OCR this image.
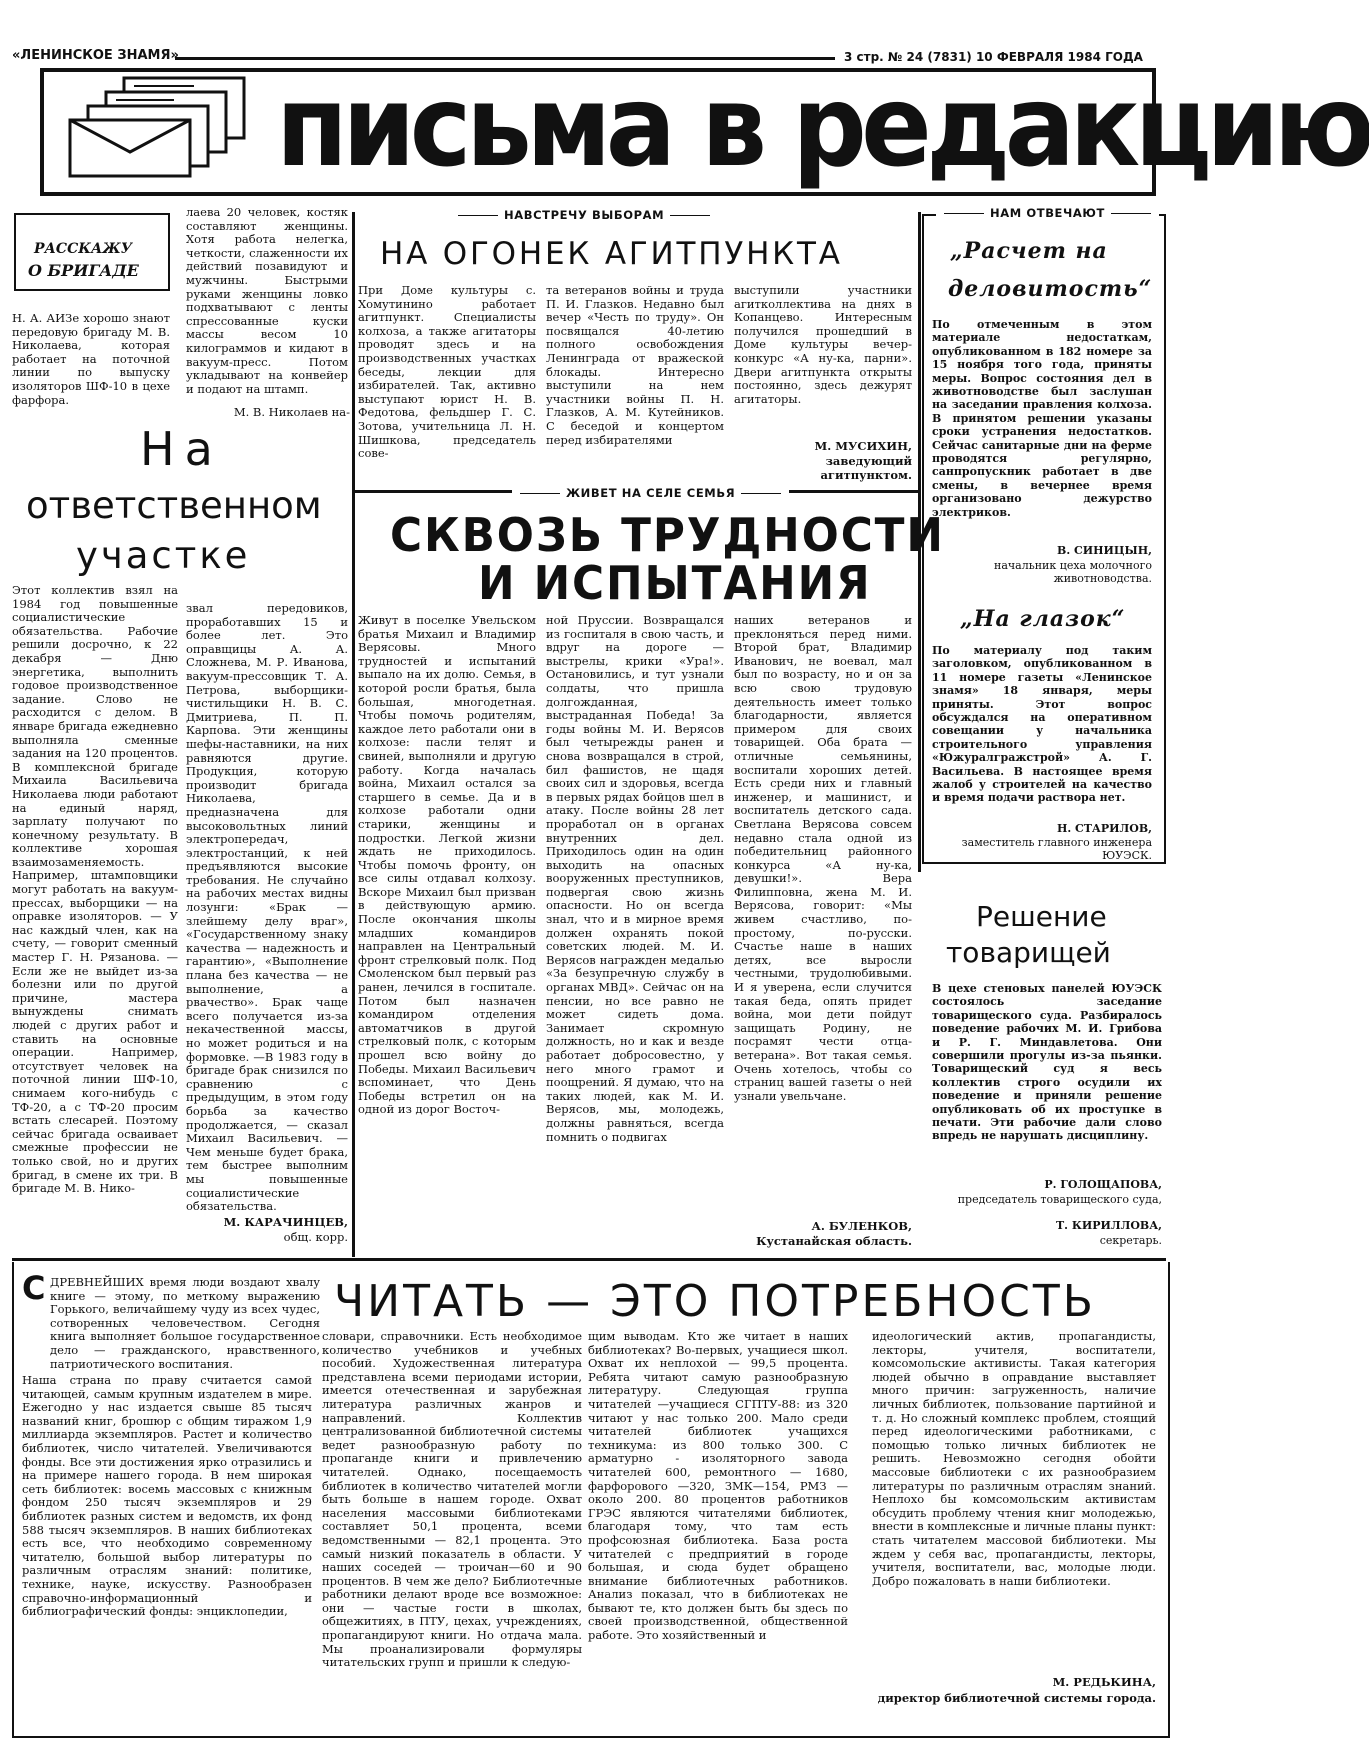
«ЛЕНИНСКОЕ ЗНАМЯ»	3 стр. № 24 (7831) 10 ФЕВРАЛЯ 1984 ГОДА
письма в редакцию
РАССКАЖУ
О БРИГАДЕ
Н. А. АИЗе хорошо знают передовую бригаду М. В. Николаева, которая работает на поточной линии по выпуску изоляторов ШФ-10 в цехе фарфора.
лаева 20 человек, костяк составляют женщины. Хотя работа нелегка, четкости, слаженности их действий позавидуют и мужчины. Быстрыми руками женщины ловко подхватывают с ленты спрессованные куски массы весом 10 килограммов и кидают в вакуум-пресс. Потом укладывают на конвейер и подают на штамп.
М. В. Николаев на-
На
ответственном
участке
Этот коллектив взял на 1984 год повышенные социалистические обязательства. Рабочие решили досрочно, к 22 декабря — Дню энергетика, выполнить годовое производственное задание. Слово не расходится с делом. В январе бригада ежедневно выполняла сменные задания на 120 процентов. В комплексной бригаде Михаила Васильевича Николаева люди работают на единый наряд, зарплату получают по конечному результату. В коллективе хорошая взаимозаменяемость. Например, штамповщики могут работать на вакуум-прессах, выборщики — на оправке изоляторов. — У нас каждый член, как на счету, — говорит сменный мастер Г. Н. Рязанова. — Если же не выйдет из-за болезни или по другой причине, мастера вынуждены снимать людей с других работ и ставить на основные операции. Например, отсутствует человек на поточной линии ШФ-10, снимаем кого-нибудь с ТФ-20, а с ТФ-20 просим встать слесарей. Поэтому сейчас бригада осваивает смежные профессии не только свой, но и других бригад, в смене их три. В бригаде М. В. Нико-
звал передовиков, проработавших 15 и более лет. Это оправщицы А. А. Сложнева, М. Р. Иванова, вакуум-прессовщик Т. А. Петрова, выборщики-чистильщики Н. В. С. Дмитриева, П. П. Карпова. Эти женщины шефы-наставники, на них равняются другие. Продукция, которую производит бригада Николаева, предназначена для высоковольтных линий электропередач, электростанций, к ней предъявляются высокие требования. Не случайно на рабочих местах видны лозунги: «Брак — злейшему делу враг», «Государственному знаку качества — надежность и гарантию», «Выполнение плана без качества — не выполнение, а рвачество». Брак чаще всего получается из-за некачественной массы, но может родиться и на формовке. —В 1983 году в бригаде брак снизился по сравнению с предыдущим, в этом году борьба за качество продолжается, — сказал Михаил Васильевич. — Чем меньше будет брака, тем быстрее выполним мы повышенные социалистические обязательства.
М. КАРАЧИНЦЕВ,
общ. корр.
НАВСТРЕЧУ ВЫБОРАМ
НА ОГОНЕК АГИТПУНКТА
При Доме культуры с. Хомутинино работает агитпункт. Специалисты колхоза, а также агитаторы проводят здесь и на производственных участках беседы, лекции для избирателей. Так, активно выступают юрист Н. В. Федотова, фельдшер Г. С. Зотова, учительница Л. Н. Шишкова, председатель сове-
та ветеранов войны и труда П. И. Глазков. Недавно был вечер «Честь по труду». Он посвящался 40-летию полного освобождения Ленинграда от вражеской блокады. Интересно выступили на нем участники войны П. Н. Глазков, А. М. Кутейников. С беседой и концертом перед избирателями
выступили участники агитколлектива на днях в Копанцево. Интересным получился прошедший в Доме культуры вечер-конкурс «А ну-ка, парни». Двери агитпункта открыты постоянно, здесь дежурят агитаторы.
М. МУСИХИН,
заведующий агитпунктом.
ЖИВЕТ НА СЕЛЕ СЕМЬЯ
СКВОЗЬ ТРУДНОСТИ
И ИСПЫТАНИЯ
Живут в поселке Увельском братья Михаил и Владимир Верясовы. Много трудностей и испытаний выпало на их долю. Семья, в которой росли братья, была большая, многодетная. Чтобы помочь родителям, каждое лето работали они в колхозе: пасли телят и свиней, выполняли и другую работу. Когда началась война, Михаил остался за старшего в семье. Да и в колхозе работали одни старики, женщины и подростки. Легкой жизни ждать не приходилось. Чтобы помочь фронту, он все силы отдавал колхозу. Вскоре Михаил был призван в действующую армию. После окончания школы младших командиров направлен на Центральный фронт стрелковый полк. Под Смоленском был первый раз ранен, лечился в госпитале. Потом был назначен командиром отделения автоматчиков в другой стрелковый полк, с которым прошел всю войну до Победы. Михаил Васильевич вспоминает, что День Победы встретил он на одной из дорог Восточ-
ной Пруссии. Возвращался из госпиталя в свою часть, и вдруг на дороге — выстрелы, крики «Ура!». Остановились, и тут узнали солдаты, что пришла долгожданная, выстраданная Победа! За годы войны М. И. Верясов был четырежды ранен и снова возвращался в строй, бил фашистов, не щадя своих сил и здоровья, всегда в первых рядах бойцов шел в атаку. После войны 28 лет проработал он в органах внутренних дел. Приходилось один на один выходить на опасных вооруженных преступников, подвергая свою жизнь опасности. Но он всегда знал, что и в мирное время должен охранять покой советских людей. М. И. Верясов награжден медалью «За безупречную службу в органах МВД». Сейчас он на пенсии, но все равно не может сидеть дома. Занимает скромную должность, но и как и везде работает добросовестно, у него много грамот и поощрений. Я думаю, что на таких людей, как М. И. Верясов, мы, молодежь, должны равняться, всегда помнить о подвигах
наших ветеранов и преклоняться перед ними. Второй брат, Владимир Иванович, не воевал, мал был по возрасту, но и он за всю свою трудовую деятельность имеет только благодарности, является примером для своих товарищей. Оба брата — отличные семьянины, воспитали хороших детей. Есть среди них и главный инженер, и машинист, и воспитатель детского сада. Светлана Верясова совсем недавно стала одной из победительниц районного конкурса «А ну-ка, девушки!». Вера Филипповна, жена М. И. Верясова, говорит: «Мы живем счастливо, по-простому, по-русски. Счастье наше в наших детях, все выросли честными, трудолюбивыми. И я уверена, если случится такая беда, опять придет война, мои дети пойдут защищать Родину, не посрамят чести отца-ветерана». Вот такая семья. Очень хотелось, чтобы со страниц вашей газеты о ней узнали увельчане.
А. БУЛЕНКОВ,
Кустанайская область.
НАМ ОТВЕЧАЮТ
„Расчет на
деловитость“
По отмеченным в этом материале недостаткам, опубликованном в 182 номере за 15 ноября того года, приняты меры. Вопрос состояния дел в животноводстве был заслушан на заседании правления колхоза. В принятом решении указаны сроки устранения недостатков. Сейчас санитарные дни на ферме проводятся регулярно, санпропускник работает в две смены, в вечернее время организовано дежурство электриков.
В. СИНИЦЫН,
начальник цеха молочного животноводства.
„На глазок“
По материалу под таким заголовком, опубликованном в 11 номере газеты «Ленинское знамя» 18 января, меры приняты. Этот вопрос обсуждался на оперативном совещании у начальника строительного управления «Южуралгражстрой» А. Г. Васильева. В настоящее время жалоб у строителей на качество и время подачи раствора нет.
Н. СТАРИЛОВ,
заместитель главного инженера ЮУЭСК.
Решение
товарищей
В цехе стеновых панелей ЮУЭСК состоялось заседание товарищеского суда. Разбиралось поведение рабочих М. И. Грибова и Р. Г. Миндавлетова. Они совершили прогулы из-за пьянки. Товарищеский суд я весь коллектив строго осудили их поведение и приняли решение опубликовать об их проступке в печати. Эти рабочие дали слово впредь не нарушать дисциплину.
Р. ГОЛОЩАПОВА,
председатель товарищеского суда,
Т. КИРИЛЛОВА,
секретарь.
ЧИТАТЬ — ЭТО ПОТРЕБНОСТЬ
С ДРЕВНЕЙШИХ время люди воздают хвалу книге — этому, по меткому выражению Горького, величайшему чуду из всех чудес, сотворенных человечеством. Сегодня книга выполняет большое государственное дело — гражданского, нравственного, патриотического воспитания.
Наша страна по праву считается самой читающей, самым крупным издателем в мире. Ежегодно у нас издается свыше 85 тысяч названий книг, брошюр с общим тиражом 1,9 миллиарда экземпляров. Растет и количество библиотек, число читателей. Увеличиваются фонды. Все эти достижения ярко отразились и на примере нашего города. В нем широкая сеть библиотек: восемь массовых с книжным фондом 250 тысяч экземпляров и 29 библиотек разных систем и ведомств, их фонд 588 тысяч экземпляров. В наших библиотеках есть все, что необходимо современному читателю, большой выбор литературы по различным отраслям знаний: политике, технике, науке, искусству. Разнообразен справочно-информационный и библиографический фонды: энциклопедии,
словари, справочники. Есть необходимое количество учебников и учебных пособий. Художественная литература представлена всеми периодами истории, имеется отечественная и зарубежная литература различных жанров и направлений. Коллектив централизованной библиотечной системы ведет разнообразную работу по пропаганде книги и привлечению читателей. Однако, посещаемость библиотек в количество читателей могли быть больше в нашем городе. Охват населения массовыми библиотеками составляет 50,1 процента, всеми ведомственными — 82,1 процента. Это самый низкий показатель в области. У наших соседей — троичан—60 и 90 процентов. В чем же дело? Библиотечные работники делают вроде все возможное: они — частые гости в школах, общежитиях, в ПТУ, цехах, учреждениях, пропагандируют книги. Но отдача мала. Мы проанализировали формуляры читательских групп и пришли к следую-
щим выводам. Кто же читает в наших библиотеках? Во-первых, учащиеся школ. Охват их неплохой — 99,5 процента. Ребята читают самую разнообразную литературу. Следующая группа читателей —учащиеся СГПТУ-88: из 320 читают у нас только 200. Мало среди читателей библиотек учащихся техникума: из 800 только 300. С арматурно - изоляторного завода читателей 600, ремонтного — 1680, фарфорового —320, ЗМК—154, РМЗ — около 200. 80 процентов работников ГРЭС являются читателями библиотек, благодаря тому, что там есть профсоюзная библиотека. База роста читателей с предприятий в городе большая, и сюда будет обращено внимание библиотечных работников. Анализ показал, что в библиотеках не бывают те, кто должен быть бы здесь по своей производственной, общественной работе. Это хозяйственный и
идеологический актив, пропагандисты, лекторы, учителя, воспитатели, комсомольские активисты. Такая категория людей обычно в оправдание выставляет много причин: загруженность, наличие личных библиотек, пользование партийной и т. д. Но сложный комплекс проблем, стоящий перед идеологическими работниками, с помощью только личных библиотек не решить. Невозможно сегодня обойти массовые библиотеки с их разнообразием литературы по различным отраслям знаний. Неплохо бы комсомольским активистам обсудить проблему чтения книг молодежью, внести в комплексные и личные планы пункт: стать читателем массовой библиотеки. Мы ждем у себя вас, пропагандисты, лекторы, учителя, воспитатели, вас, молодые люди. Добро пожаловать в наши библиотеки.
М. РЕДЬКИНА,
директор библиотечной системы города.
